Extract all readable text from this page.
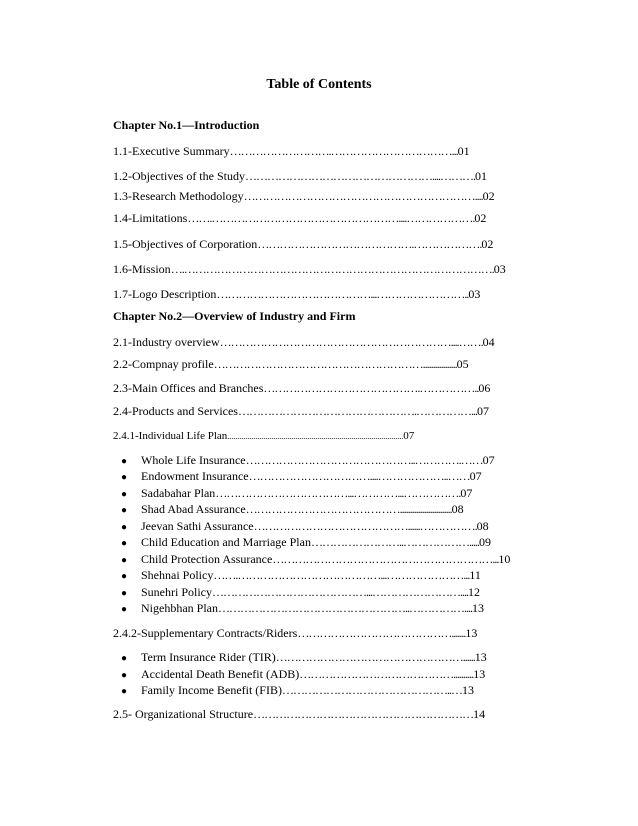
Table of Contents
Chapter No.1—Introduction
1.1-Executive Summary……………………….……………………………...01
1.2-Objectives of the Study……………………………………………....……….01
1.3-Research Methodology………………………………………………………....02
1.4-Limitations…….……………………………………………....……………….02
1.5-Objectives of Corporation…………………………………….……………….02
1.6-Mission….………………………………………………………………………….03
1.7-Logo Description……………………………………...……………………..03
Chapter No.2—Overview of Industry and Firm
2.1-Industry overview………………………………………………………....…….04
2.2-Compnay profile………………………………………………….................05
2.3-Main Offices and Branches…………………………………….……………..06
2.4-Products and Services………………………………………….……………...07
2.4.1-Individual Life Plan........................................................................................07
● Whole Life Insurance………………………………………..………….……07
● Endowment Insurance……………………………....………………..……07
● Sadabahar Plan………………………………...…………...…………….07
● Shad Abad Assurance……………………………………..........................08
● Jeevan Sathi Assurance……………………………………......…………….08
● Child Education and Marriage Plan……………………..……………….....09
● Child Protection Assurance……………………………………………………...10
● Shehnai Policy…….…………………………………...…………………...11
● Sunehri Policy……………………………………...……………………....12
● Nigehbhan Plan……………………………………………..……………....13
2.4.2-Supplementary Contracts/Riders…………………………………….......13
● Term Insurance Rider (TIR)……………………………………………......13
● Accidental Death Benefit (ADB)……………………………………..........13
● Family Income Benefit (FIB)………………………………………..…13
2.5- Organizational Structure……………………………………………………14
